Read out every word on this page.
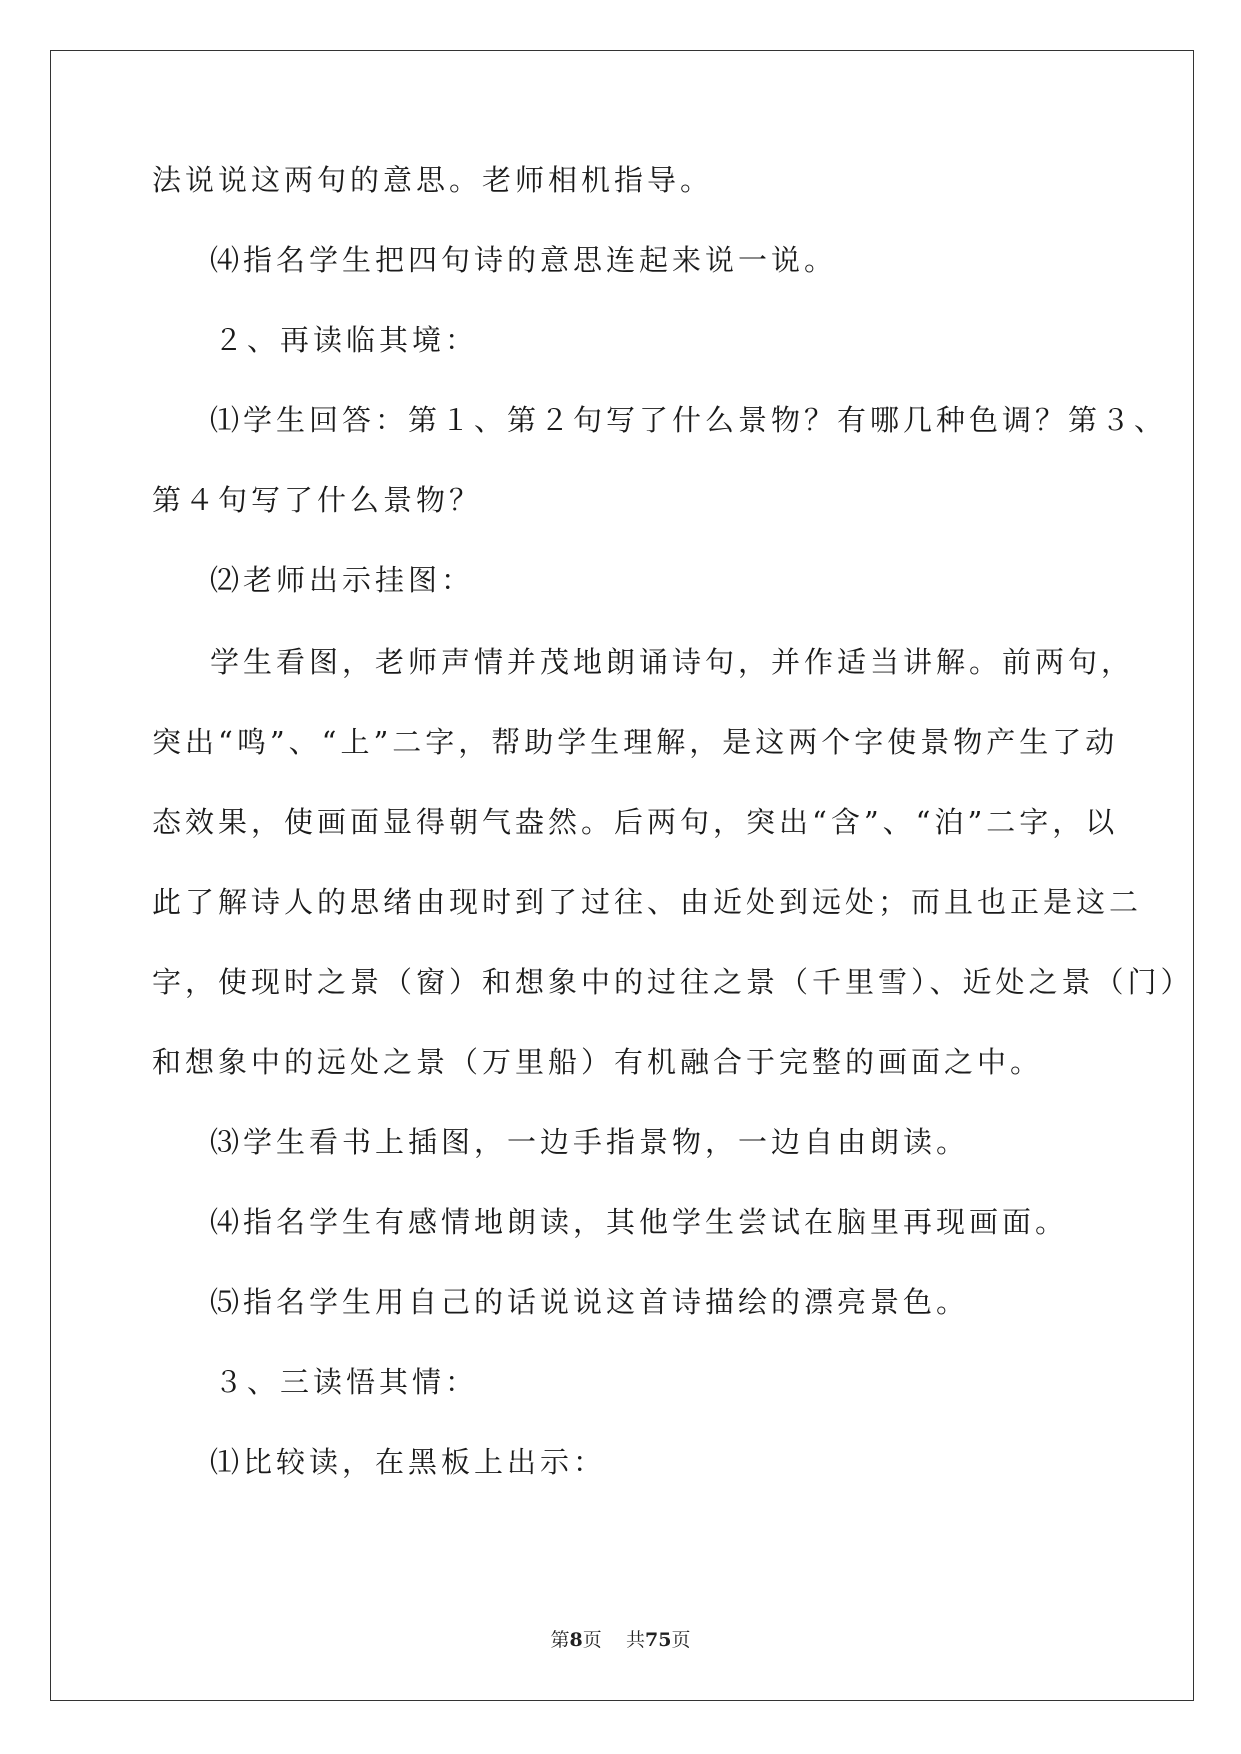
法说说这两句的意思。老师相机指导。
⑷指名学生把四句诗的意思连起来说一说。
２、再读临其境：
⑴学生回答：第１、第２句写了什么景物？有哪几种色调？第３、
第４句写了什么景物？
⑵老师出示挂图：
学生看图，老师声情并茂地朗诵诗句，并作适当讲解。前两句，
突出“鸣”、“上”二字，帮助学生理解，是这两个字使景物产生了动
态效果，使画面显得朝气盎然。后两句，突出“含”、“泊”二字，以
此了解诗人的思绪由现时到了过往、由近处到远处；而且也正是这二
字，使现时之景（窗）和想象中的过往之景（千里雪）、近处之景（门）
和想象中的远处之景（万里船）有机融合于完整的画面之中。
⑶学生看书上插图，一边手指景物，一边自由朗读。
⑷指名学生有感情地朗读，其他学生尝试在脑里再现画面。
⑸指名学生用自己的话说说这首诗描绘的漂亮景色。
３、三读悟其情：
⑴比较读，在黑板上出示：
第8页 共75页
